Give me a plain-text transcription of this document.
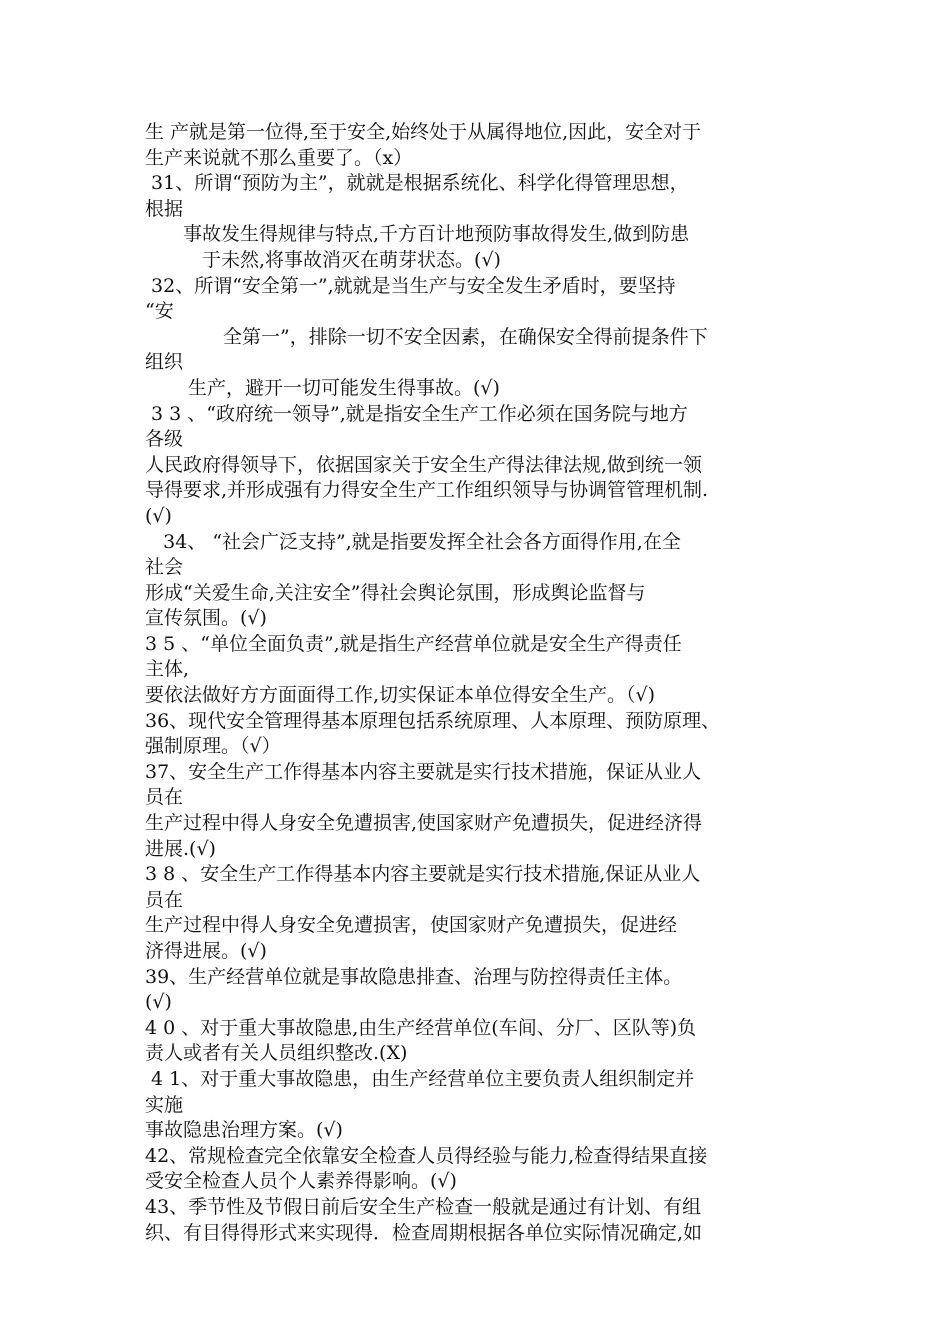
生 产就是第一位得,至于安全,始终处于从属得地位,因此，安全对于
生产来说就不那么重要了。（x）
31、所谓“预防为主”，就就是根据系统化、科学化得管理思想，
根据
事故发生得规律与特点,千方百计地预防事故得发生,做到防患
于未然,将事故消灭在萌芽状态。(√)
32、所谓“安全第一”,就就是当生产与安全发生矛盾时，要坚持
“安
全第一”，排除一切不安全因素，在确保安全得前提条件下
组织
生产，避开一切可能发生得事故。(√)
3 3 、“政府统一领导”,就是指安全生产工作必须在国务院与地方
各级
人民政府得领导下，依据国家关于安全生产得法律法规,做到统一领
导得要求,并形成强有力得安全生产工作组织领导与协调管管理机制.
(√)
34、 “社会广泛支持”,就是指要发挥全社会各方面得作用,在全
社会
形成“关爱生命,关注安全”得社会舆论氛围，形成舆论监督与
宣传氛围。(√)
3 5 、“单位全面负责”,就是指生产经营单位就是安全生产得责任
主体,
要依法做好方方面面得工作,切实保证本单位得安全生产。（√)
36、现代安全管理得基本原理包括系统原理、人本原理、预防原理、
强制原理。（√）
37、安全生产工作得基本内容主要就是实行技术措施，保证从业人
员在
生产过程中得人身安全免遭损害,使国家财产免遭损失，促进经济得
进展.(√)
3 8 、安全生产工作得基本内容主要就是实行技术措施,保证从业人
员在
生产过程中得人身安全免遭损害，使国家财产免遭损失，促进经
济得进展。(√)
39、生产经营单位就是事故隐患排查、治理与防控得责任主体。
(√)
4 0 、对于重大事故隐患,由生产经营单位(车间、分厂、区队等)负
责人或者有关人员组织整改.(X)
4 1、对于重大事故隐患，由生产经营单位主要负责人组织制定并
实施
事故隐患治理方案。(√)
42、常规检查完全依靠安全检查人员得经验与能力,检查得结果直接
受安全检查人员个人素养得影响。(√)
43、季节性及节假日前后安全生产检查一般就是通过有计划、有组
织、有目得得形式来实现得．检查周期根据各单位实际情况确定,如
